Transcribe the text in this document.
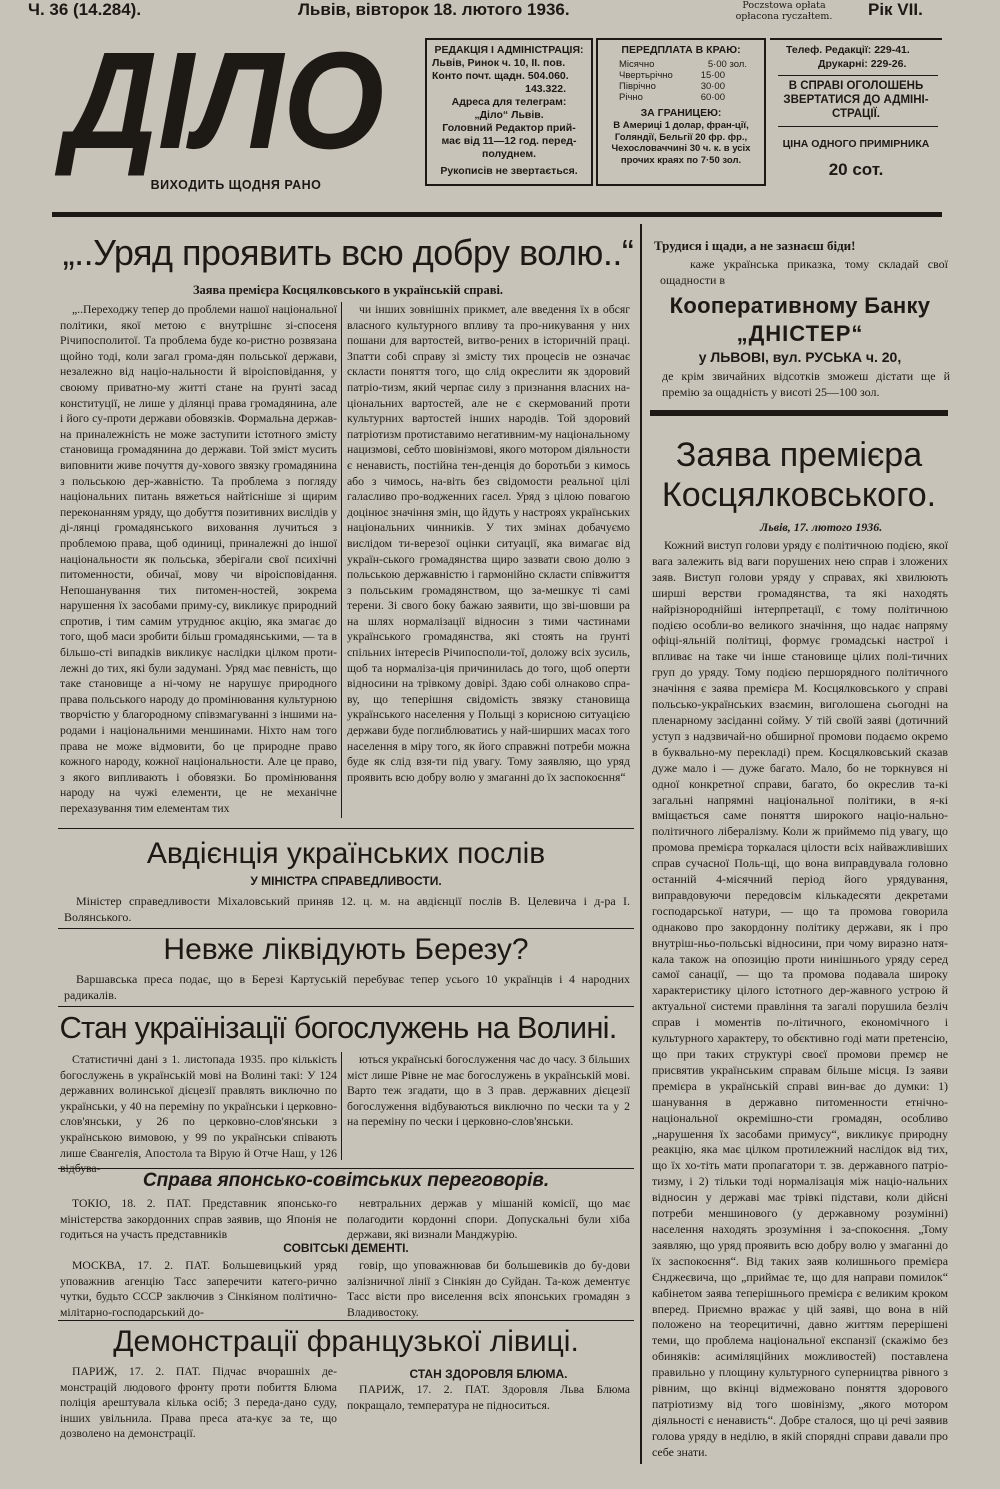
Ч. 36 (14.284).	Львів, вівторок 18. лютого 1936.	Poczstowa opłata
opłacona ryczałtem.	Рік VII.
ДІЛО
ВИХОДИТЬ ЩОДНЯ РАНО
РЕДАКЦІЯ І АДМІНІСТРАЦІЯ:
Львів, Ринок ч. 10, II. пов.
Конто почт. щадн. 504.060.
143.322.
Адреса для телеграм:
„Діло“ Львів.
Головний Редактор прий-
має від 11—12 год. перед-
полуднем.
Рукописів не звертається.
ПЕРЕДПЛАТА В КРАЮ:
Місячно	5·00 зол.
Чвертьрічно	15·00
Піврічно	30·00
Річно	60·00
ЗА ГРАНИЦЕЮ:
В Америці 1 долар, фран-ції, Голяндії, Бельгії 20 фр. фр., Чехословаччині 30 ч. к. в усіх прочих краях по 7·50 зол.
Телеф. Редакції: 229-41.
Друкарні: 229-26.
В СПРАВІ ОГОЛОШЕНЬ
ЗВЕРТАТИСЯ ДО АДМІНІ-
СТРАЦІЇ.
ЦІНА ОДНОГО ПРИМІРНИКА
20 сот.
„..Уряд проявить всю добру волю..“
Заява премієра Косцялковського в українській справі.
„..Переходжу тепер до проблеми нашої національної політики, якої метою є внутрішнє зі-спосеня Річипосполитої. Та проблема буде ко-ристно розвязана щойно тоді, коли загал грома-дян польської держави, незалежно від націо-нальности й віроісповідання, у своюму приватно-му житті стане на ґрунті засад конституції, не лише у ділянці права громадянина, але і його су-проти держави обовязків. Формальна держав-на приналежність не може заступити істотного змісту становища громадянина до держави. Той зміст мусить виповнити живе почуття ду-хового звязку громадянина з польською дер-жавністю. Та проблема з погляду національних питань вяжеться найтісніше зі щирим переконанням уряду, що добуття позитивних вислідів у ді-лянці громадянського виховання лучиться з проблемою права, щоб одиниці, приналежні до іншої національности як польська, зберігали свої психічні питоменности, обичаї, мову чи віроісповідання. Непошанування тих питомен-ностей, зокрема нарушення їх засобами приму-су, викликує природний спротив, і тим самим утруднює акцію, яка змагає до того, щоб маси зробити більш громадянськими, — та в більшо-сті випадків викликує наслідки цілком проти-лежні до тих, які були задумані. Уряд має певність, що таке становище а ні-чому не нарушує природного права польського народу до промінювання культурною творчістю у благородному співзмагуванні з іншими на-родами і національними меншинами. Ніхто нам того права не може відмовити, бо це природне право кожного народу, кожної національности. Але це право, з якого випливають і обовязки. Бо промінювання народу на чужі елементи, це не механічне перехазування тим елементам тих
чи інших зовнішніх прикмет, але введення їх в обсяг власного культурного впливу та про-никування у них пошани для вартостей, витво-рених в історичній праці. Зпатти собі справу зі змісту тих процесів не означає скласти поняття того, що слід окреслити як здоровий патріо-тизм, який черпає силу з признання власних на-ціональних вартостей, але не є скермований проти культурних вартостей інших народів. Той здоровий патріотизм протиставимо негативним-му національному нацизмові, себто шовінізмові, якого мотором діяльности є ненависть, постійна тен-денція до боротьби з кимось або з чимось, на-віть без свідомости реальної цілі галасливо про-водженних гасел. Уряд з цілою повагою доцінює значіння змін, що йдуть у настроях українських національних чинників. У тих змінах добачуємо вислідом ти-верезої оцінки ситуації, яка вимагає від україн-ського громадянства щиро зазвати свою долю з польською державністю і гармонійно скласти співжиття з польським громадянством, що за-мешкує ті самі терени. Зі свого боку бажаю заявити, що зві-шовши ра на шлях нормалізації відносин з тими частинами українського громадянства, які стоять на ґрунті спільних інтересів Річипосполи-тої, доложу всіх зусиль, щоб та нормаліза-ція причинилась до того, щоб оперти відносини на трівкому довірі. Здаю собі олнаково спра-ву, що теперішня свідомість звязку становища українського населення у Польщі з корисною ситуацією держави буде поглиблюватись у най-ширших масах того населення в міру того, як його справжні потреби можна буде як слід взя-ти під увагу. Тому заявляю, що уряд проявить всю добру волю у змаганні до їх заспокоєння“
Трудися і щади, а не зазнаєш біди!
каже українська приказка, тому складай свої ощадности в
Кооперативному Банку
„ДНІСТЕР“
у ЛЬВОВІ, вул. РУСЬКА ч. 20,
де крім звичайних відсотків зможеш дістати ще й премію за ощадність у висоті 25—100 зол.
Заява премієра
Косцялковського.
Львів, 17. лютого 1936.
Кожний виступ голови уряду є політичною подією, якої вага залежить від ваги порушених нею справ і зложених заяв. Виступ голови уряду у справах, які хвилюють ширші верстви громадянства, та які находять найрізнороднійші інтерпретації, є тому політичною подією особли-во великого значіння, що надає напряму офіці-яльній політиці, формує громадські настрої і впливає на таке чи інше становище цілих полі-тичних груп до уряду. Тому подією першорядного політичного значіння є заява премієра М. Косцялковського у справі польсько-українських взаємин, виголошена сьогодні на пленарному засіданні сойму. У тій своїй заяві (дотичний уступ з надзвичай-но обширної промови подаємо окремо в буквально-му перекладі) прем. Косцялковський сказав дуже мало і — дуже багато. Мало, бо не торкнувся ні одної конкретної справи, багато, бо окреслив та-кі загальні напрямні національної політики, в я-кі вміщається саме поняття широкого націо-нально-політичного лібералізму. Коли ж приймемо під увагу, що промова премієра торкалася цілости всіх найважливіших справ сучасної Поль-щі, що вона виправдувала головно останній 4-місячний період його урядування, виправдовуючи передовсім кількадесяти декретами господарської натури, — що та промова говорила однаково про закордонну політику держави, як і про внутріш-ньо-польські відносини, при чому виразно натя-кала також на опозицію проти нинішнього уряду серед самої санації, — що та промова подавала широку характеристику цілого істотного дер-жавного устрою й актуальної системи правління та загалі порушила безліч справ і моментів по-літичного, економічного і культурного характеру, то обєктивно годі мати претенсію, що при таких структурі своєї промови премєр не присвятив українським справам більше місця. Із заяви премієра в українській справі вин-ває до думки: 1) шанування в державно питоменности етнічно-національної окремішно-сти громадян, особливо „нарушення їх засобами примусу“, викликує природну реакцію, яка має цілком протилежний наслідок від тих, що їх хо-тіть мати пропагатори т. зв. державного патріо-тизму, і 2) тільки тоді нормалізація між націо-нальних відносин у державі має трівкі підстави, коли дійсні потреби меншинового (у державному розумінні) населення находять зрозуміння і за-спокоєння. „Тому заявляю, що уряд проявить всю добру волю у змаганні до їх заспокоєння“. Від таких заяв колишнього премієра Єнджеєвича, що „приймає те, що для направи помилок“ кабінетом заява теперішнього премієра є великим кроком вперед. Приємно вражає у цій заяві, що вона в ній положено на теорецитичні, давно життям перерішені теми, що проблема національної експанзії (скажімо без обиняків: асиміляційних можливостей) поставлена правильно у площину культурного суперництва рівного з рівним, що вкінці відмежовано поняття здорового патріотизму від того шовінізму, „якого мотором діяльності є ненависть“. Добре сталося, що ці речі заявив голова уряду в неділю, в якій спорядні справи давали про себе знати.
Авдієнція українських послів
У МІНІСТРА СПРАВЕДЛИВОСТИ.
Міністер справедливости Міхаловський приняв 12. ц. м. на авдієнції послів В. Целевича і д-ра І. Волянського.
Невже ліквідують Березу?
Варшавська преса подає, що в Березі Картуській перебуває тепер усього 10 українців і 4 народних радикалів.
Стан українізації богослужень на Волині.
Статистичні дані з 1. листопада 1935. про кількість богослужень в українській мові на Волині такі: У 124 державних волинської дієцезії правлять виключно по українськи, у 40 на переміну по українськи і церковно-слов'янськи, у 26 по церковно-слов'янськи з українською вимовою, у 99 по українськи співають лише Євангелія, Апостола та Вірую й Отче Наш, у 126
ються українські богослуження час до часу. З більших міст лише Рівне не має богослужень в українській мові. Варто теж згадати, що в 3 прав. державних дієцезії богослуження відбуваються виключно по чески та у 2 на переміну по чески і церковно-слов'янськи.
Справа японсько-совітських переговорів.
ТОКІО, 18. 2. ПАТ. Представник японсько-го міністерства закордонних справ заявив, що Японія не годиться на участь представників
невтральних держав у мішаній комісії, що має полагодити кордонні спори. Допускальні були хіба держави, які визнали Манджурію.
СОВІТСЬКІ ДЕМЕНТІ.
МОСКВА, 17. 2. ПАТ. Большевицький уряд уповажнив агенцію Тасс заперечити катего-рично чутки, будьто СССР заключив з Сінкіяном політично-мілітарно-господарський до-
говір, що уповажнював би большевиків до бу-дови залізничної лінії з Сінкіян до Суйдан. Та-кож дементує Тасс вісти про виселення всіх японських громадян з Владивостоку.
Демонстрації французької лівиці.
ПАРИЖ, 17. 2. ПАТ. Підчас вчорашніх де-монстрацій людового фронту проти побиття Блюма поліція арештувала кілька осіб; 3 переда-дано суду, інших увільнила. Права преса ата-кує за те, що дозволено на демонстрації.
СТАН ЗДОРОВЛЯ БЛЮМА.
ПАРИЖ, 17. 2. ПАТ. Здоровля Льва Блюма покращало, температура не підноситься.
